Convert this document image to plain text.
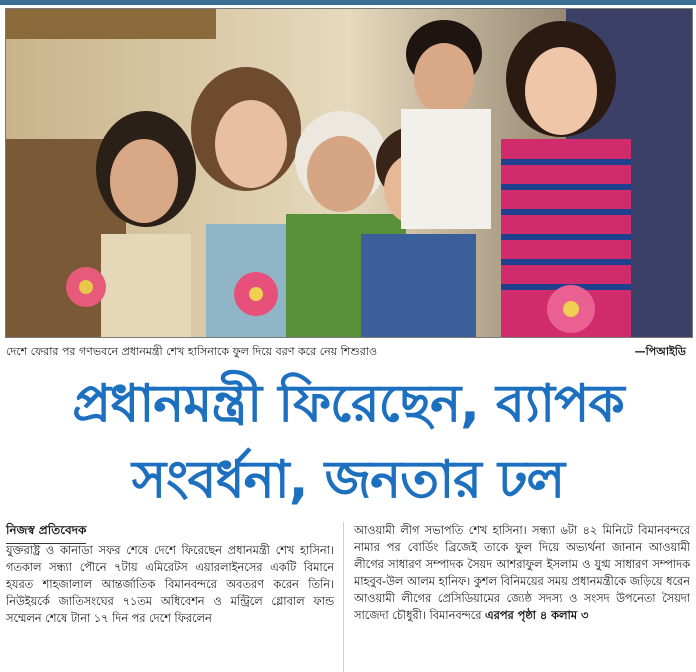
দেশে ফেরার পর গণভবনে প্রধানমন্ত্রী শেখ হাসিনাকে ফুল দিয়ে বরণ করে নেয় শিশুরাও	—পিআইডি
প্রধানমন্ত্রী ফিরেছেন, ব্যাপক
সংবর্ধনা, জনতার ঢল
নিজস্ব প্রতিবেদক
যুক্তরাষ্ট্র ও কানাডা সফর শেষে দেশে ফিরেছেন প্রধানমন্ত্রী শেখ হাসিনা। গতকাল সন্ধ্যা পৌনে ৭টায় এমিরেটস এয়ারলাইনসের একটি বিমানে হযরত শাহজালাল আন্তর্জাতিক বিমানবন্দরে অবতরণ করেন তিনি। নিউইয়র্কে জাতিসংঘের ৭১তম অধিবেশন ও মন্ট্রিলে গ্লোবাল ফান্ড সম্মেলন শেষে টানা ১৭ দিন পর দেশে ফিরলেন
আওয়ামী লীগ সভাপতি শেখ হাসিনা। সন্ধ্যা ৬টা ৪২ মিনিটে বিমানবন্দরে নামার পর বোর্ডিং ব্রিজেই তাকে ফুল দিয়ে অভ্যর্থনা জানান আওয়ামী লীগের সাধারণ সম্পাদক সৈয়দ আশরাফুল ইসলাম ও যুগ্ম সাধারণ সম্পাদক মাহবুব-উল আলম হানিফ। কুশল বিনিময়ের সময় প্রধানমন্ত্রীকে জড়িয়ে ধরেন আওয়ামী লীগের প্রেসিডিয়ামের জ্যেষ্ঠ সদস্য ও সংসদ উপনেতা সৈয়দা সাজেদা চৌধুরী। বিমানবন্দরে এরপর পৃষ্ঠা ৪ কলাম ৩
